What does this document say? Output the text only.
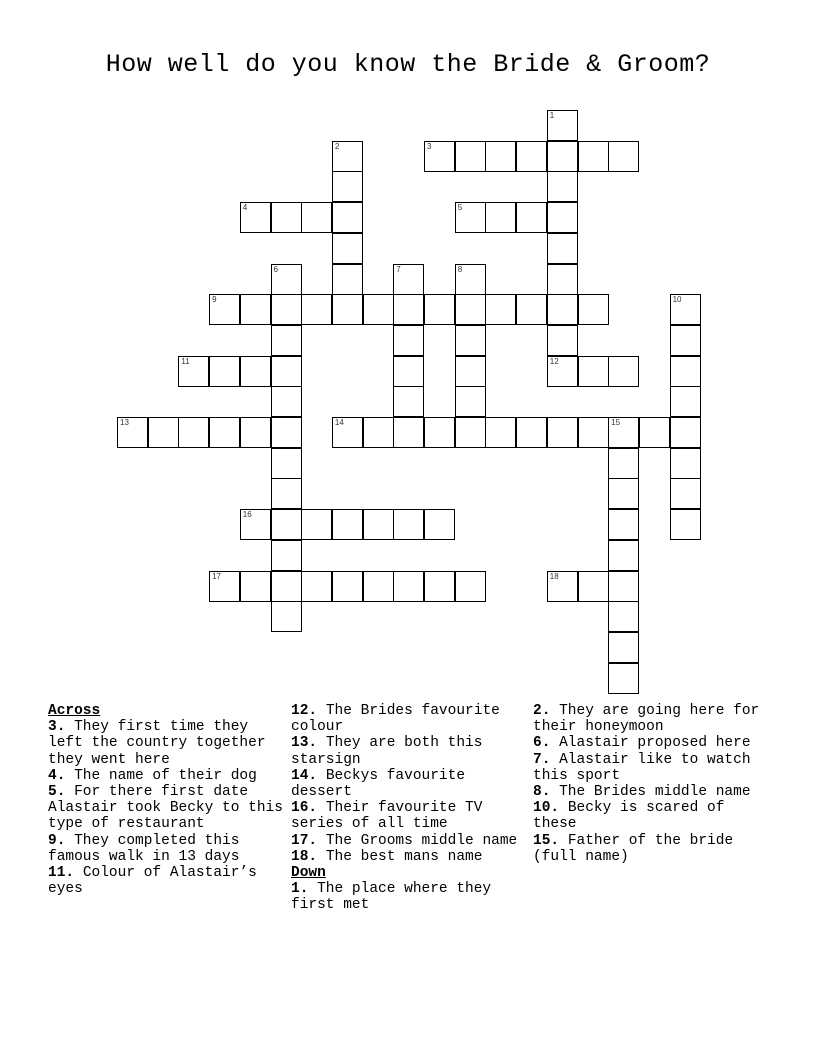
How well do you know the Bride & Groom?
1
12
2	3
4	5
6	7	8
9	10
11
13	14	15
16
17	18
Across
3. They first time they left the country together they went here
4. The name of their dog
5. For there first date Alastair took Becky to this type of restaurant
9. They completed this famous walk in 13 days
11. Colour of Alastair’s eyes
12. The Brides favourite colour
13. They are both this starsign
14. Beckys favourite dessert
16. Their favourite TV series of all time
17. The Grooms middle name
18. The best mans name
Down
1. The place where they first met
2. They are going here for their honeymoon
6. Alastair proposed here
7. Alastair like to watch this sport
8. The Brides middle name
10. Becky is scared of these
15. Father of the bride (full name)
